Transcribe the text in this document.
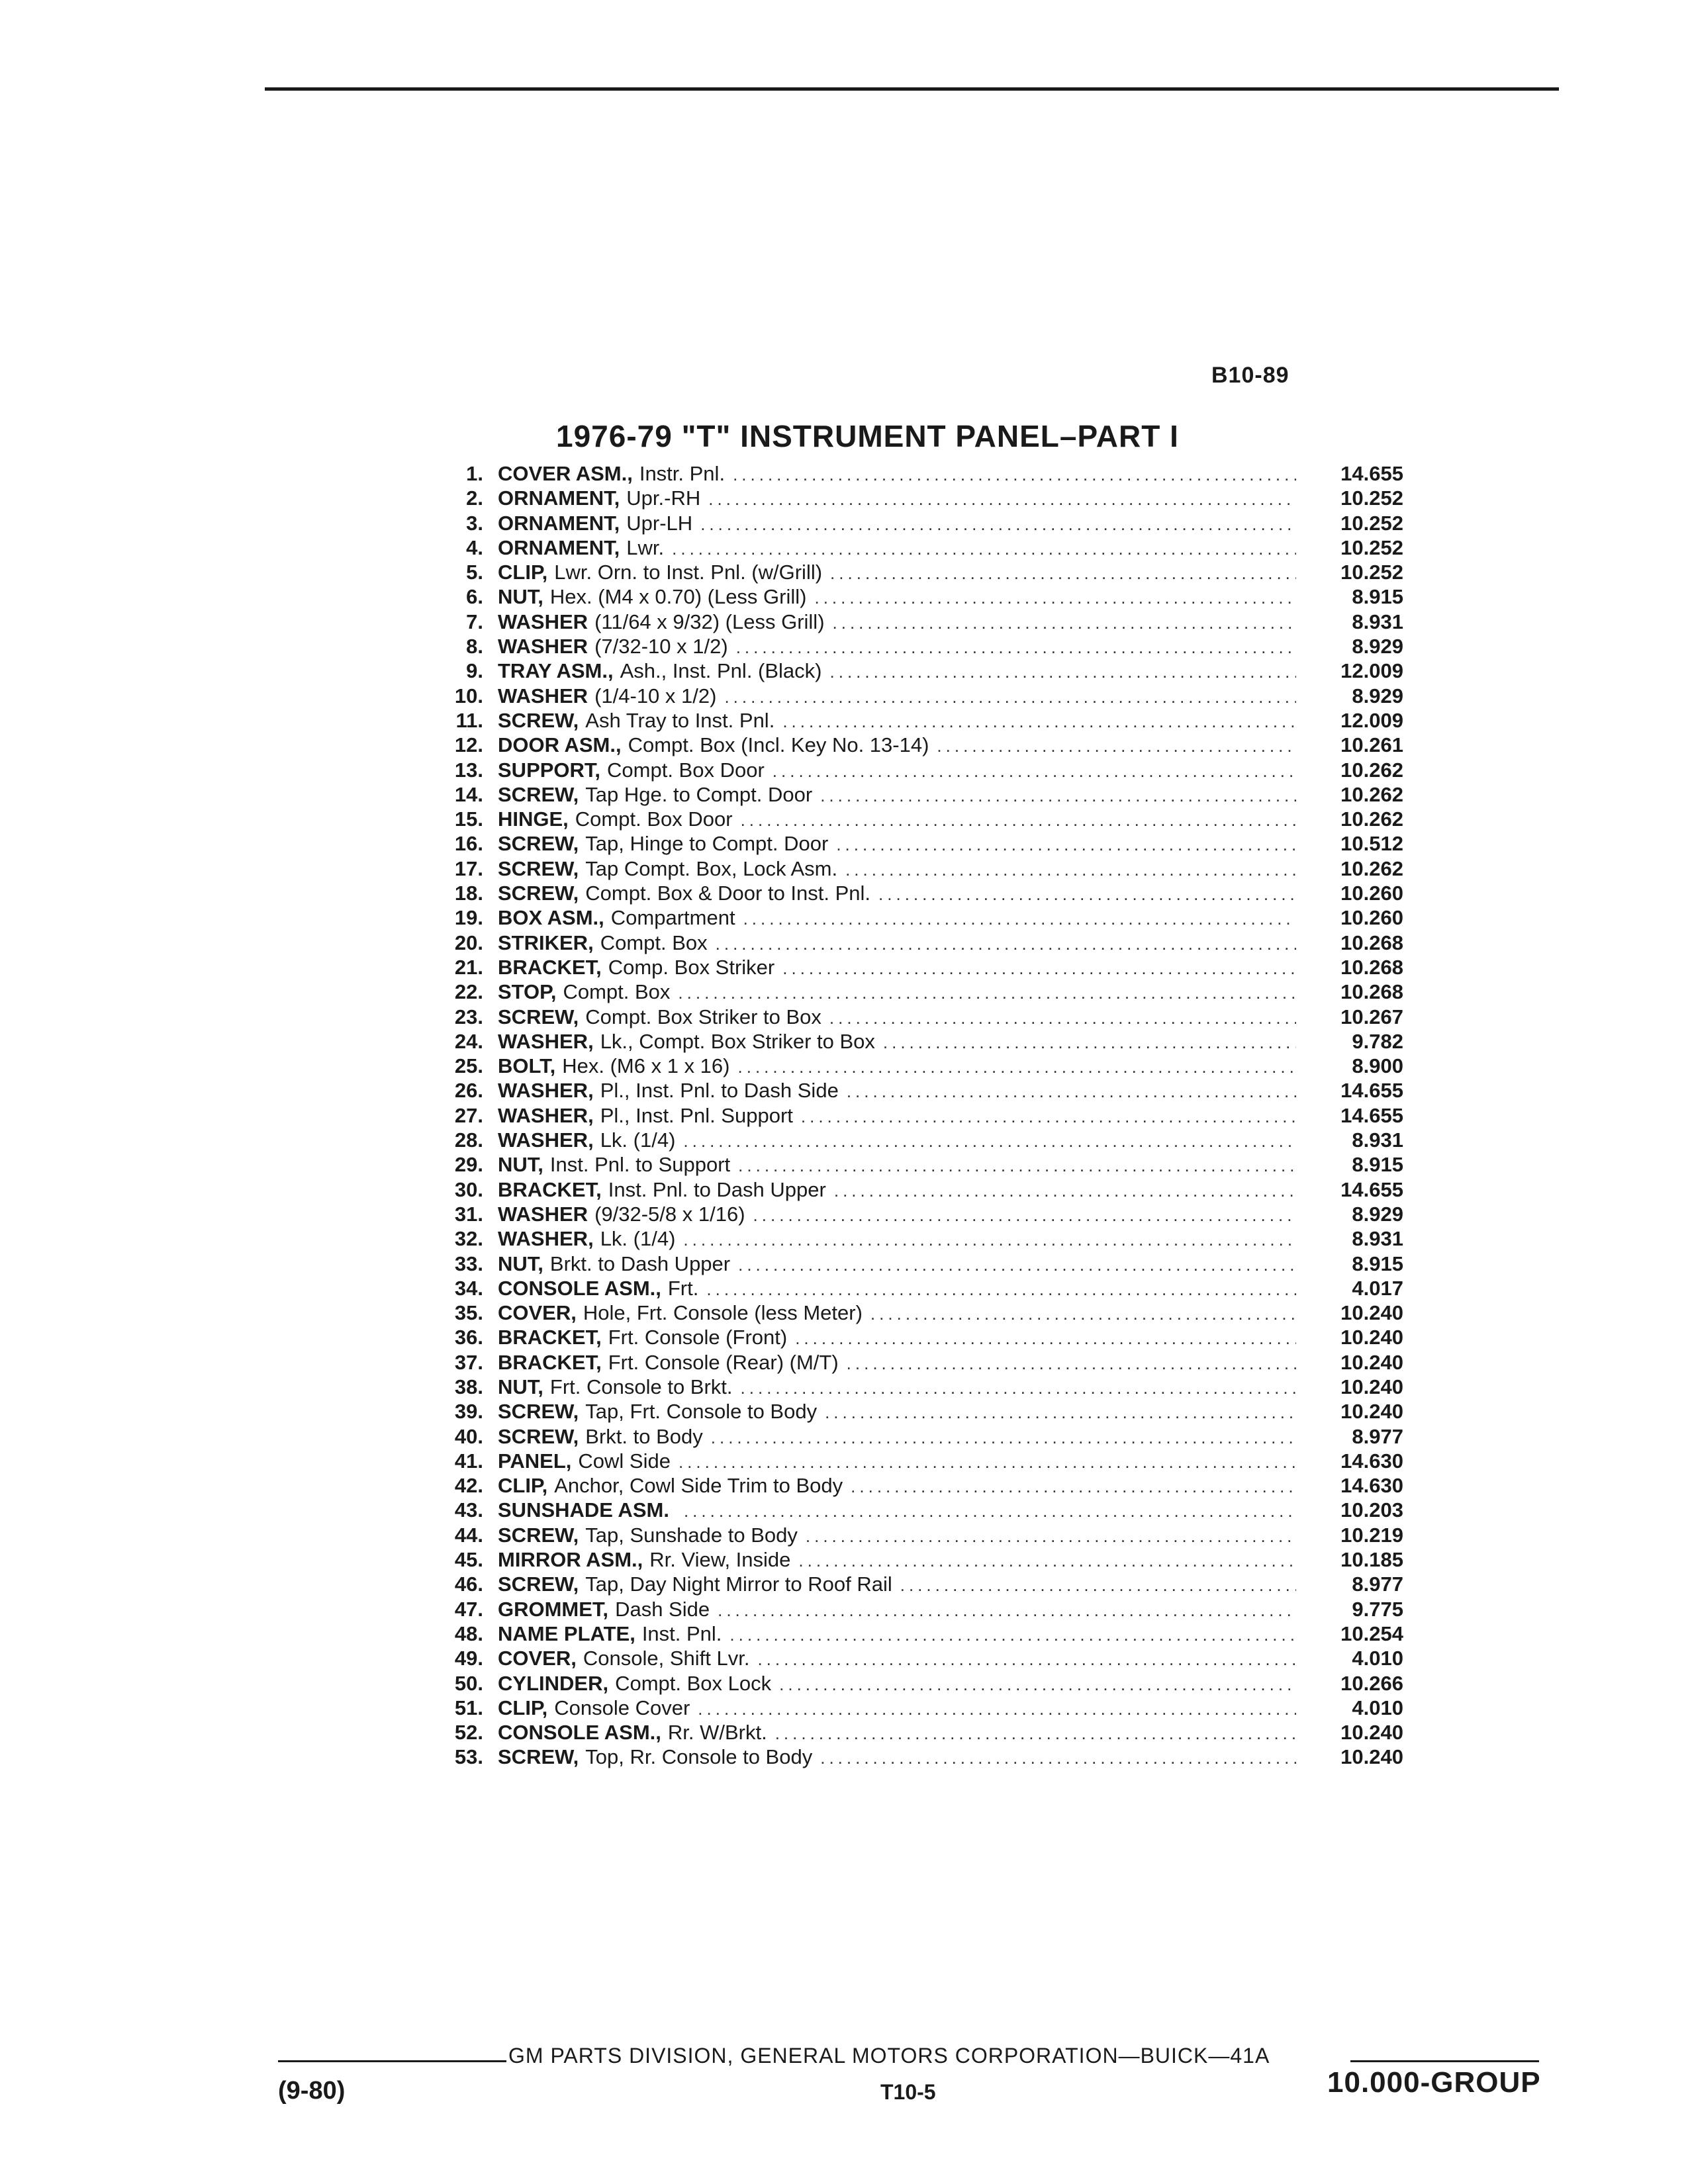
B10-89
1976-79 "T" INSTRUMENT PANEL–PART I
1. COVER ASM., Instr. Pnl. .....	14.655
2. ORNAMENT, Upr.-RH .....	10.252
3. ORNAMENT, Upr-LH .....	10.252
4. ORNAMENT, Lwr. .....	10.252
5. CLIP, Lwr. Orn. to Inst. Pnl. (w/Grill) .....	10.252
6. NUT, Hex. (M4 x 0.70) (Less Grill) .....	8.915
7. WASHER (11/64 x 9/32) (Less Grill) .....	8.931
8. WASHER (7/32-10 x 1/2) .....	8.929
9. TRAY ASM., Ash., Inst. Pnl. (Black) .....	12.009
10. WASHER (1/4-10 x 1/2) .....	8.929
11. SCREW, Ash Tray to Inst. Pnl. .....	12.009
12. DOOR ASM., Compt. Box (Incl. Key No. 13-14) .....	10.261
13. SUPPORT, Compt. Box Door .....	10.262
14. SCREW, Tap Hge. to Compt. Door .....	10.262
15. HINGE, Compt. Box Door .....	10.262
16. SCREW, Tap, Hinge to Compt. Door .....	10.512
17. SCREW, Tap Compt. Box, Lock Asm. .....	10.262
18. SCREW, Compt. Box & Door to Inst. Pnl. .....	10.260
19. BOX ASM., Compartment .....	10.260
20. STRIKER, Compt. Box .....	10.268
21. BRACKET, Comp. Box Striker .....	10.268
22. STOP, Compt. Box .....	10.268
23. SCREW, Compt. Box Striker to Box .....	10.267
24. WASHER, Lk., Compt. Box Striker to Box .....	9.782
25. BOLT, Hex. (M6 x 1 x 16) .....	8.900
26. WASHER, Pl., Inst. Pnl. to Dash Side .....	14.655
27. WASHER, Pl., Inst. Pnl. Support .....	14.655
28. WASHER, Lk. (1/4) .....	8.931
29. NUT, Inst. Pnl. to Support .....	8.915
30. BRACKET, Inst. Pnl. to Dash Upper .....	14.655
31. WASHER (9/32-5/8 x 1/16) .....	8.929
32. WASHER, Lk. (1/4) .....	8.931
33. NUT, Brkt. to Dash Upper .....	8.915
34. CONSOLE ASM., Frt. .....	4.017
35. COVER, Hole, Frt. Console (less Meter) .....	10.240
36. BRACKET, Frt. Console (Front) .....	10.240
37. BRACKET, Frt. Console (Rear) (M/T) .....	10.240
38. NUT, Frt. Console to Brkt. .....	10.240
39. SCREW, Tap, Frt. Console to Body .....	10.240
40. SCREW, Brkt. to Body .....	8.977
41. PANEL, Cowl Side .....	14.630
42. CLIP, Anchor, Cowl Side Trim to Body .....	14.630
43. SUNSHADE ASM. .....	10.203
44. SCREW, Tap, Sunshade to Body .....	10.219
45. MIRROR ASM., Rr. View, Inside .....	10.185
46. SCREW, Tap, Day Night Mirror to Roof Rail .....	8.977
47. GROMMET, Dash Side .....	9.775
48. NAME PLATE, Inst. Pnl. .....	10.254
49. COVER, Console, Shift Lvr. .....	4.010
50. CYLINDER, Compt. Box Lock .....	10.266
51. CLIP, Console Cover .....	4.010
52. CONSOLE ASM., Rr. W/Brkt. .....	10.240
53. SCREW, Top, Rr. Console to Body .....	10.240
GM PARTS DIVISION, GENERAL MOTORS CORPORATION—BUICK—41A
(9-80)	T10-5	10.000-GROUP
